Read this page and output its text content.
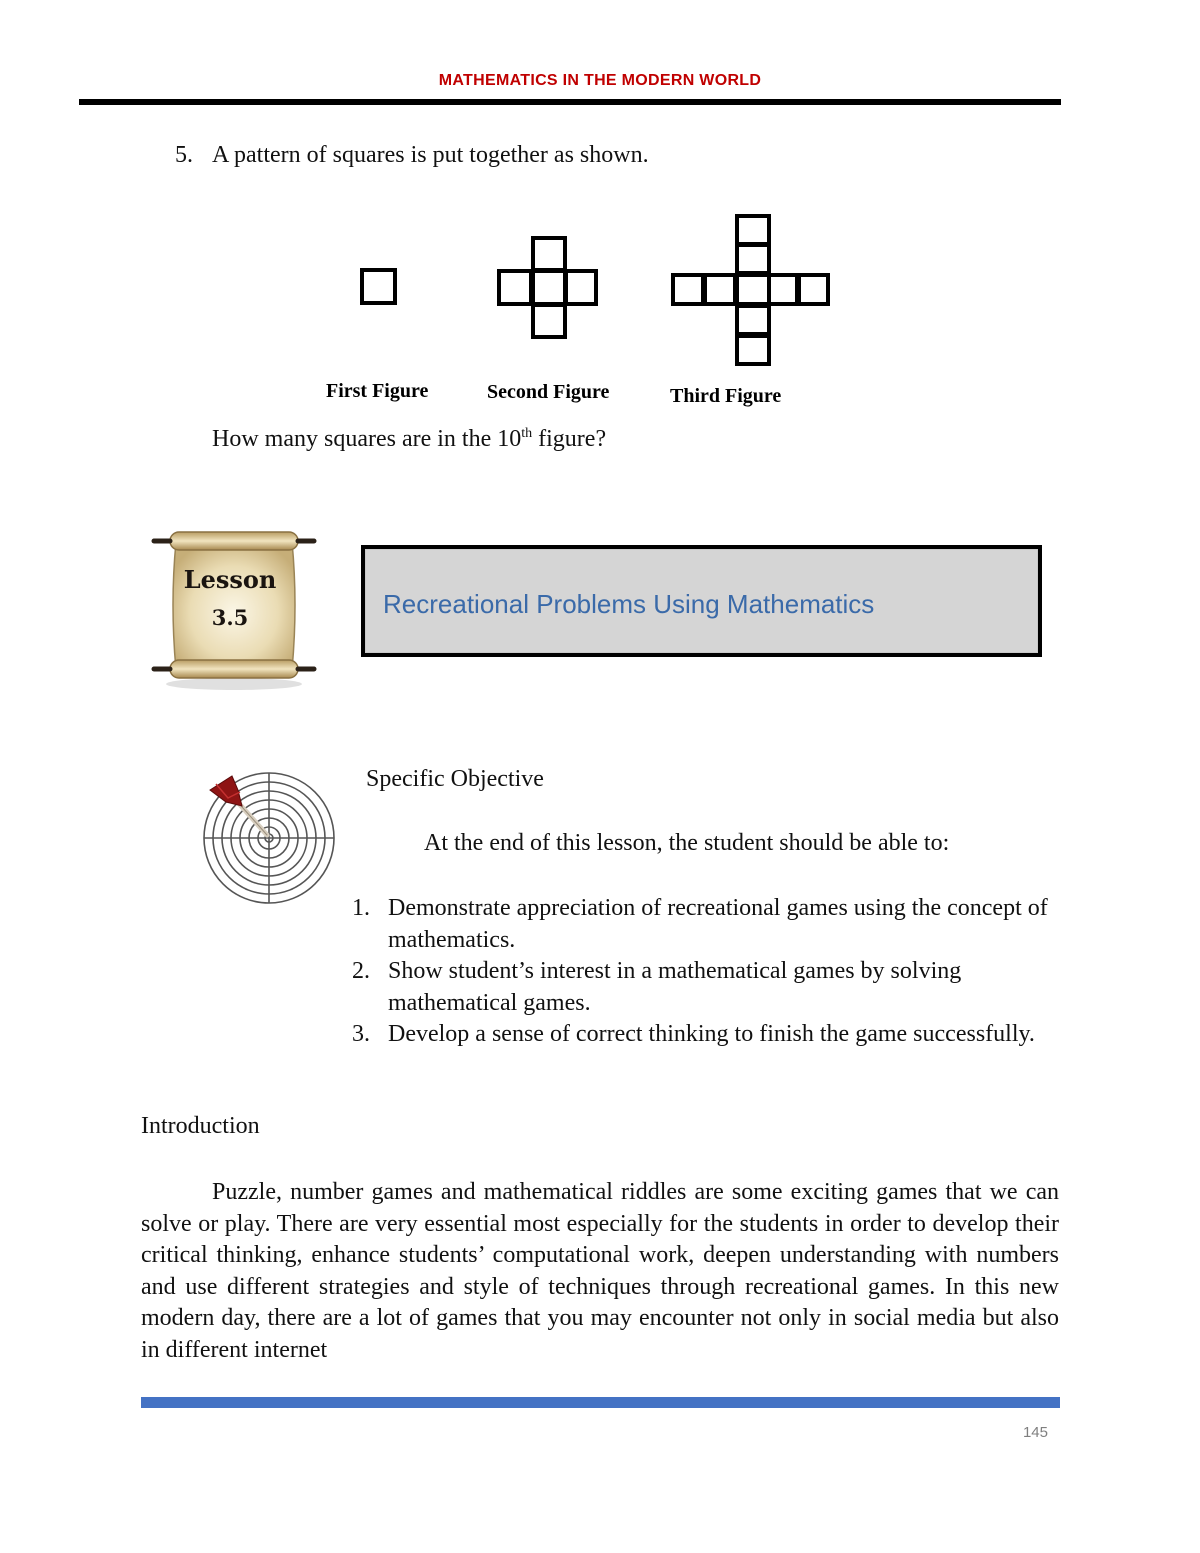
MATHEMATICS IN THE MODERN WORLD
5. A pattern of squares is put together as shown.
First Figure	Second Figure	Third Figure
How many squares are in the 10th figure?
Lesson
3.5	Recreational Problems Using Mathematics
Specific Objective
At the end of this lesson, the student should be able to:
1. Demonstrate appreciation of recreational games using the concept of mathematics.
2. Show student’s interest in a mathematical games by solving mathematical games.
3. Develop a sense of correct thinking to finish the game successfully.
Introduction

Puzzle, number games and mathematical riddles are some exciting games that we can solve or play. There are very essential most especially for the students in order to develop their critical thinking, enhance students’ computational work, deepen understanding with numbers and use different strategies and style of techniques through recreational games. In this new modern day, there are a lot of games that you may encounter not only in social media but also in different internet

145
